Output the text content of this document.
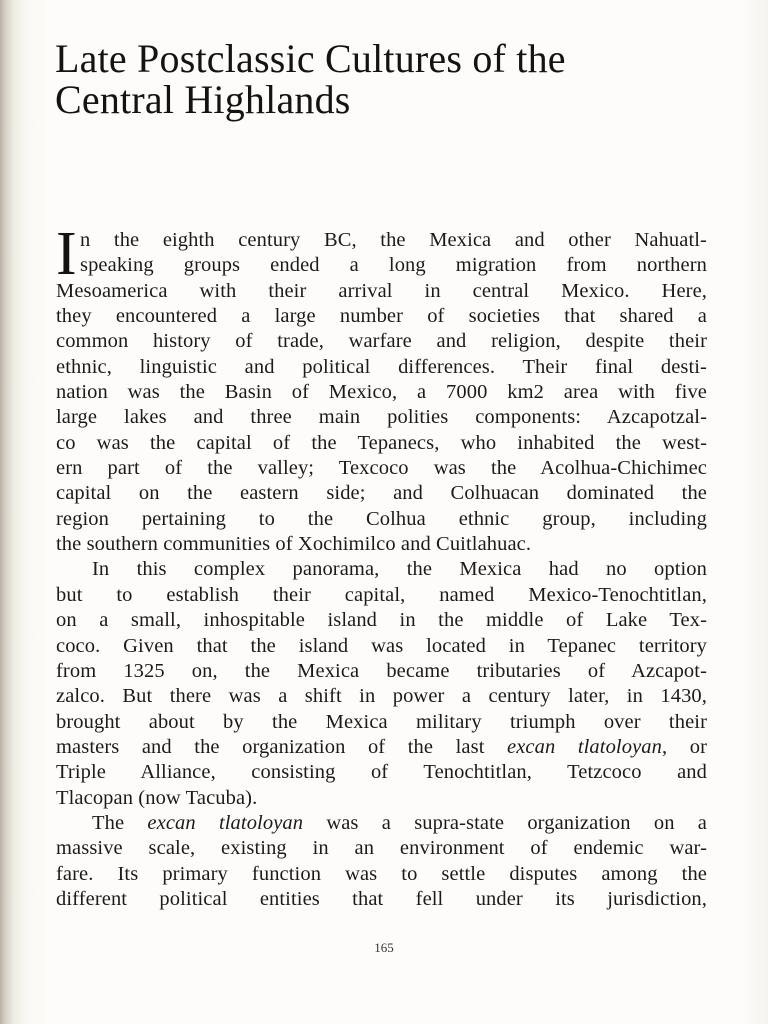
Late Postclassic Cultures of the
Central Highlands
I n the eighth century BC, the Mexica and other Nahuatl-
speaking groups ended a long migration from northern
Mesoamerica with their arrival in central Mexico. Here,
they encountered a large number of societies that shared a
common history of trade, warfare and religion, despite their
ethnic, linguistic and political differences. Their final desti-
nation was the Basin of Mexico, a 7000 km2 area with five
large lakes and three main polities components: Azcapotzal-
co was the capital of the Tepanecs, who inhabited the west-
ern part of the valley; Texcoco was the Acolhua-Chichimec
capital on the eastern side; and Colhuacan dominated the
region pertaining to the Colhua ethnic group, including
the southern communities of Xochimilco and Cuitlahuac.
In this complex panorama, the Mexica had no option
but to establish their capital, named Mexico-Tenochtitlan,
on a small, inhospitable island in the middle of Lake Tex-
coco. Given that the island was located in Tepanec territory
from 1325 on, the Mexica became tributaries of Azcapot-
zalco. But there was a shift in power a century later, in 1430,
brought about by the Mexica military triumph over their
masters and the organization of the last excan tlatoloyan, or
Triple Alliance, consisting of Tenochtitlan, Tetzcoco and
Tlacopan (now Tacuba).
The excan tlatoloyan was a supra-state organization on a
massive scale, existing in an environment of endemic war-
fare. Its primary function was to settle disputes among the
different political entities that fell under its jurisdiction,
165
